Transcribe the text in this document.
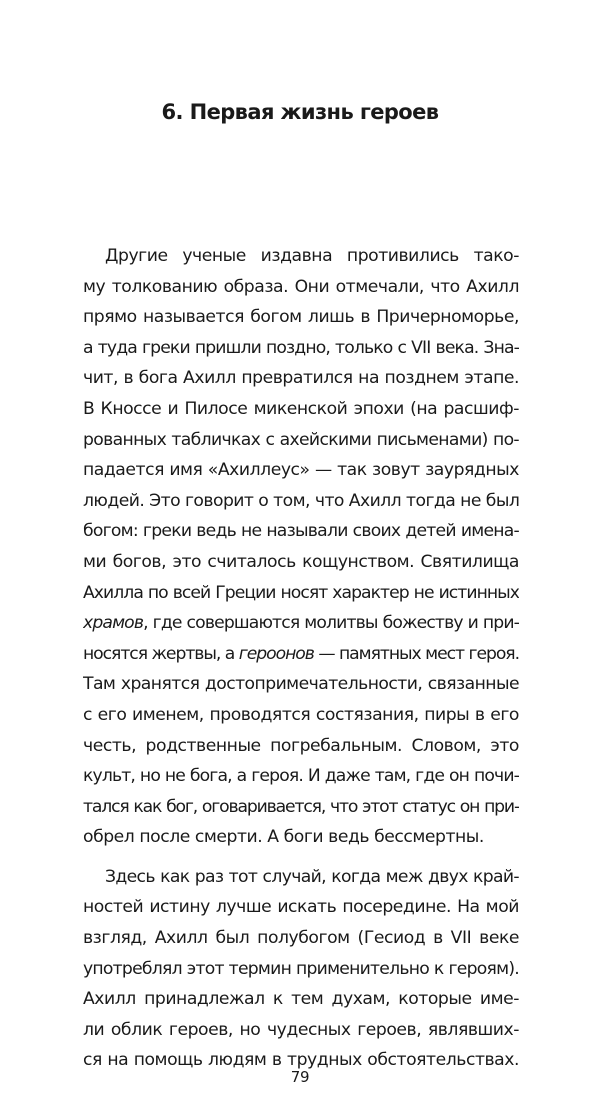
6. Первая жизнь героев
Другие ученые издавна противились тако-
му толкованию образа. Они отмечали, что Ахилл
прямо называется богом лишь в Причерноморье,
а туда греки пришли поздно, только с VII века. Зна-
чит, в бога Ахилл превратился на позднем этапе.
В Кноссе и Пилосе микенской эпохи (на расшиф-
рованных табличках с ахейскими письменами) по-
падается имя «Ахиллеус» — так зовут заурядных
людей. Это говорит о том, что Ахилл тогда не был
богом: греки ведь не называли своих детей имена-
ми богов, это считалось кощунством. Святилища
Ахилла по всей Греции носят характер не истинных
храмов, где совершаются молитвы божеству и при-
носятся жертвы, а героонов — памятных мест героя.
Там хранятся достопримечательности, связанные
с его именем, проводятся состязания, пиры в его
честь, родственные погребальным. Словом, это
культ, но не бога, а героя. И даже там, где он почи-
тался как бог, оговаривается, что этот статус он при-
обрел после смерти. А боги ведь бессмертны.
Здесь как раз тот случай, когда меж двух край-
ностей истину лучше искать посередине. На мой
взгляд, Ахилл был полубогом (Гесиод в VII веке
употреблял этот термин применительно к героям).
Ахилл принадлежал к тем духам, которые име-
ли облик героев, но чудесных героев, являвших-
ся на помощь людям в трудных обстоятельствах.
79
